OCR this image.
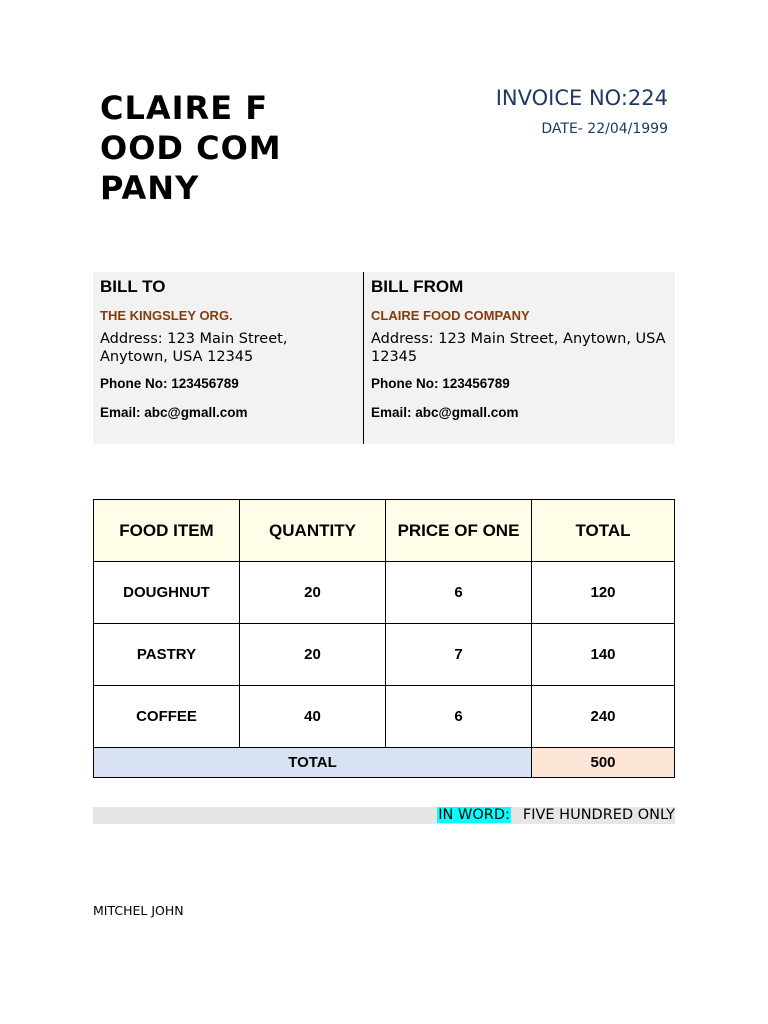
CLAIRE FOOD COMPANY
INVOICE NO:224
DATE- 22/04/1999
BILL TO
THE KINGSLEY ORG.
Address: 123 Main Street, Anytown, USA 12345
Phone No: 123456789
Email: abc@gmall.com
BILL FROM
CLAIRE FOOD COMPANY
Address: 123 Main Street, Anytown, USA 12345
Phone No: 123456789
Email: abc@gmall.com
FOOD ITEM	QUANTITY	PRICE OF ONE	TOTAL
DOUGHNUT	20	6	120
PASTRY	20	7	140
COFFEE	40	6	240
TOTAL			500
IN WORD: FIVE HUNDRED ONLY
MITCHEL JOHN
